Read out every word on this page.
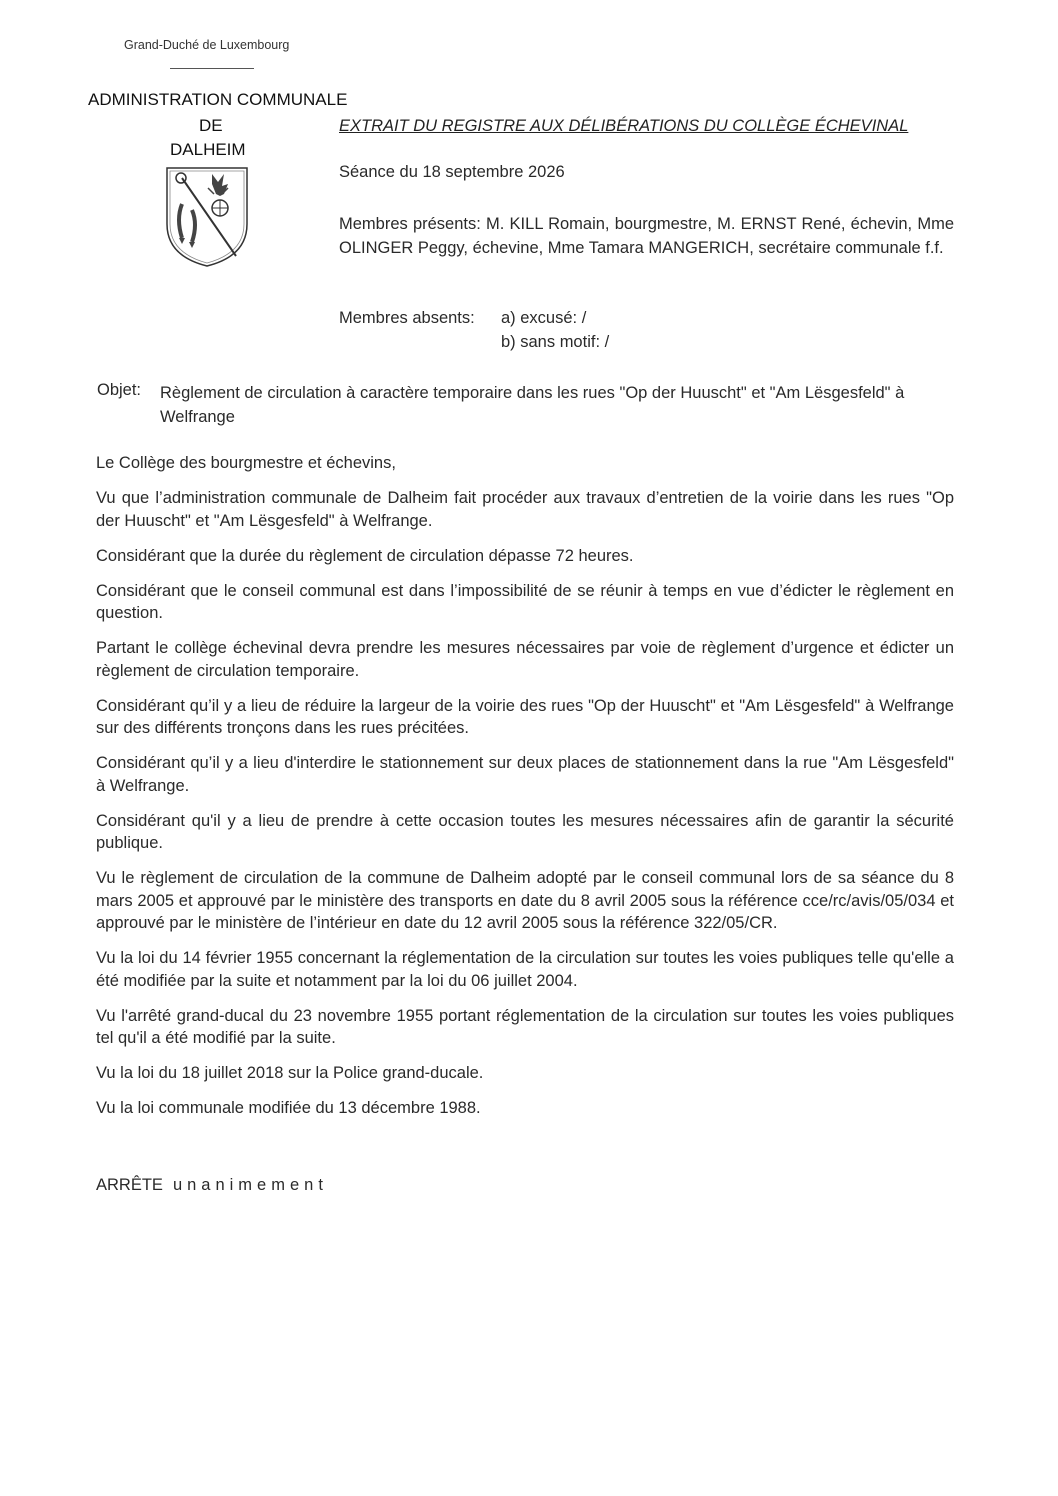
Grand-Duché de Luxembourg
ADMINISTRATION COMMUNALE
DE
DALHEIM
EXTRAIT DU REGISTRE AUX DÉLIBÉRATIONS DU COLLÈGE ÉCHEVINAL
Séance du 18 septembre 2026
Membres présents: M. KILL Romain, bourgmestre, M. ERNST René, échevin, Mme OLINGER Peggy, échevine, Mme Tamara MANGERICH, secrétaire communale f.f.
Membres absents: a) excusé: /
b) sans motif: /
Objet: Règlement de circulation à caractère temporaire dans les rues "Op der Huuscht" et "Am Lësgesfeld" à Welfrange

Le Collège des bourgmestre et échevins,

Vu que l’administration communale de Dalheim fait procéder aux travaux d’entretien de la voirie dans les rues "Op der Huuscht" et "Am Lësgesfeld" à Welfrange.

Considérant que la durée du règlement de circulation dépasse 72 heures.

Considérant que le conseil communal est dans l’impossibilité de se réunir à temps en vue d’édicter le règlement en question.

Partant le collège échevinal devra prendre les mesures nécessaires par voie de règlement d’urgence et édicter un règlement de circulation temporaire.

Considérant qu’il y a lieu de réduire la largeur de la voirie des rues "Op der Huuscht" et "Am Lësgesfeld" à Welfrange sur des différents tronçons dans les rues précitées.

Considérant qu’il y a lieu d'interdire le stationnement sur deux places de stationnement dans la rue "Am Lësgesfeld" à Welfrange.

Considérant qu'il y a lieu de prendre à cette occasion toutes les mesures nécessaires afin de garantir la sécurité publique.

Vu le règlement de circulation de la commune de Dalheim adopté par le conseil communal lors de sa séance du 8 mars 2005 et approuvé par le ministère des transports en date du 8 avril 2005 sous la référence cce/rc/avis/05/034 et approuvé par le ministère de l’intérieur en date du 12 avril 2005 sous la référence 322/05/CR.

Vu la loi du 14 février 1955 concernant la réglementation de la circulation sur toutes les voies publiques telle qu'elle a été modifiée par la suite et notamment par la loi du 06 juillet 2004.

Vu l'arrêté grand-ducal du 23 novembre 1955 portant réglementation de la circulation sur toutes les voies publiques tel qu'il a été modifié par la suite.

Vu la loi du 18 juillet 2018 sur la Police grand-ducale.

Vu la loi communale modifiée du 13 décembre 1988.

ARRÊTE unanimement
